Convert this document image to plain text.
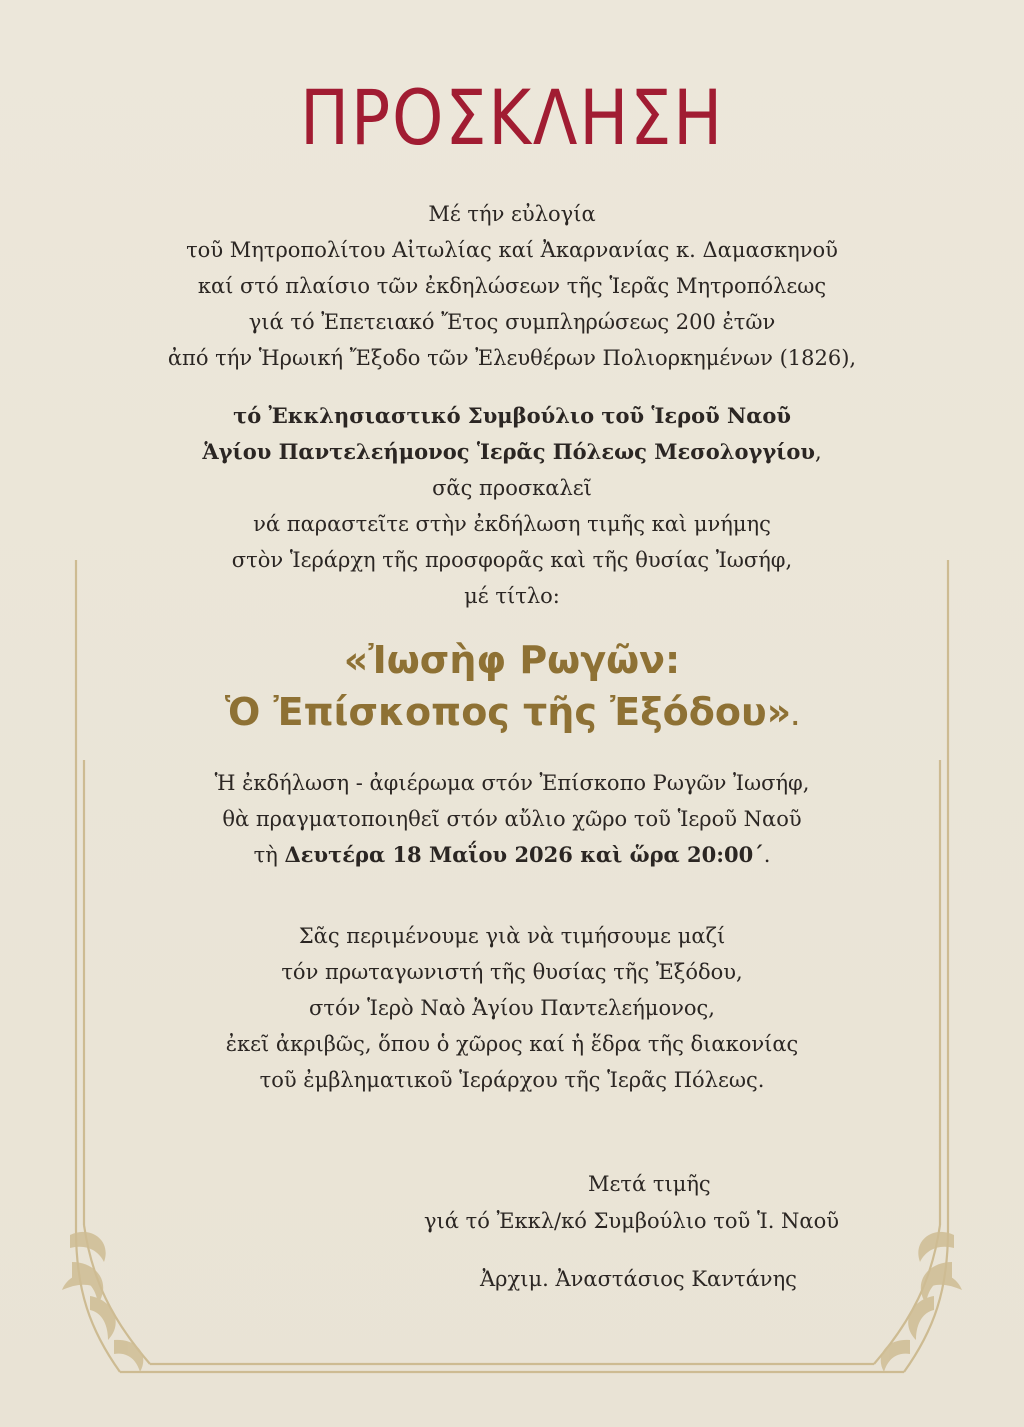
ΠΡΟΣΚΛΗΣΗ
Μέ τήν εὐλογία
τοῦ Μητροπολίτου Αἰτωλίας καί Ἀκαρνανίας κ. Δαμασκηνοῦ
καί στό πλαίσιο τῶν ἐκδηλώσεων τῆς Ἱερᾶς Μητροπόλεως
γιά τό Ἐπετειακό Ἔτος συμπληρώσεως 200 ἐτῶν
ἀπό τήν Ἡρωική Ἔξοδο τῶν Ἐλευθέρων Πολιορκημένων (1826),
τό Ἐκκλησιαστικό Συμβούλιο τοῦ Ἱεροῦ Ναοῦ
Ἁγίου Παντελεήμονος Ἱερᾶς Πόλεως Μεσολογγίου,
σᾶς προσκαλεῖ
νά παραστεῖτε στὴν ἐκδήλωση τιμῆς καὶ μνήμης
στὸν Ἱεράρχη τῆς προσφορᾶς καὶ τῆς θυσίας Ἰωσήφ,
μέ τίτλο:
«Ἰωσὴφ Ρωγῶν:
Ὁ Ἐπίσκοπος τῆς Ἐξόδου».
Ἡ ἐκδήλωση - ἀφιέρωμα στόν Ἐπίσκοπο Ρωγῶν Ἰωσήφ,
θὰ πραγματοποιηθεῖ στόν αὔλιο χῶρο τοῦ Ἱεροῦ Ναοῦ
τὴ Δευτέρα 18 Μαΐου 2026 καὶ ὥρα 20:00΄.
Σᾶς περιμένουμε γιὰ νὰ τιμήσουμε μαζί
τόν πρωταγωνιστή τῆς θυσίας τῆς Ἐξόδου,
στόν Ἱερὸ Ναὸ Ἁγίου Παντελεήμονος,
ἐκεῖ ἀκριβῶς, ὅπου ὁ χῶρος καί ἡ ἕδρα τῆς διακονίας
τοῦ ἐμβληματικοῦ Ἱεράρχου τῆς Ἱερᾶς Πόλεως.
Μετά τιμῆς
γιά τό Ἐκκλ/κό Συμβούλιο τοῦ Ἱ. Ναοῦ
Ἀρχιμ. Ἀναστάσιος Καντάνης
